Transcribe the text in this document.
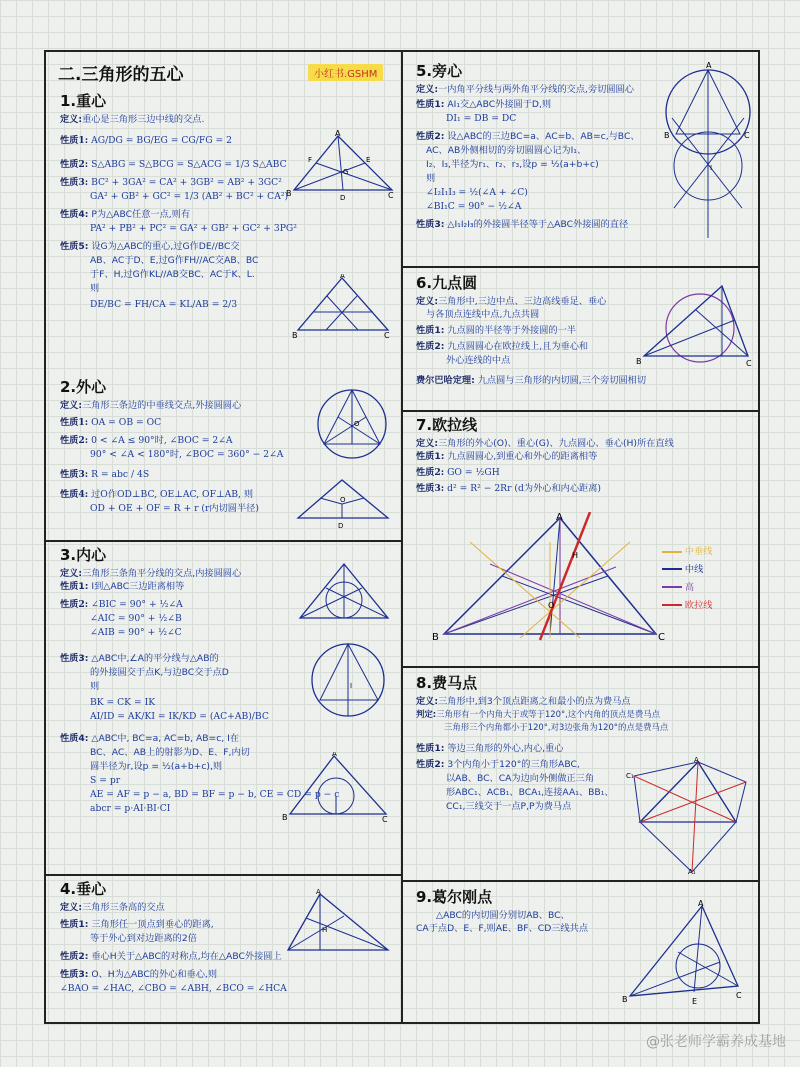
二.三角形的五心	小红书.GSHM
1.重心
定义:重心是三角形三边中线的交点.
性质1: AG/DG = BG/EG = CG/FG = 2
性质2: S△ABG = S△BCG = S△ACG = 1/3 S△ABC
性质3: BC² + 3GA² = CA² + 3GB² = AB² + 3GC²
GA² + GB² + GC² = 1/3 (AB² + BC² + CA²)
性质4: P为△ABC任意一点,则有
PA² + PB² + PC² = GA² + GB² + GC² + 3PG²
性质5: 设G为△ABC的重心,过G作DE//BC交
AB、AC于D、E,过G作FH//AC交AB、BC
于F、H,过G作KL//AB交BC、AC于K、L.
则
DE/BC = FH/CA = KL/AB = 2/3
A
B	C
D
F	E
G
B	C
A
2.外心
定义:三角形三条边的中垂线交点,外接圆圆心
性质1: OA = OB = OC
性质2: 0 < ∠A ≤ 90°时, ∠BOC = 2∠A
90° < ∠A < 180°时, ∠BOC = 360° − 2∠A
性质3: R = abc / 4S
性质4: 过O作OD⊥BC, OE⊥AC, OF⊥AB, 则
OD + OE + OF = R + r (r内切圆半径)
O
D
O
3.内心
定义:三角形三条角平分线的交点,内接圆圆心
性质1: I到△ABC三边距离相等
性质2: ∠BIC = 90° + ½∠A
∠AIC = 90° + ½∠B
∠AIB = 90° + ½∠C
性质3: △ABC中,∠A的平分线与△AB的
的外接圆交于点K,与边BC交于点D
则
BK = CK = IK
AI/ID = AK/KI = IK/KD = (AC+AB)/BC
性质4: △ABC中, BC=a, AC=b, AB=c, I在
BC、AC、AB上的射影为D、E、F,内切
圆半径为r,设p = ½(a+b+c),则
S = pr
AE = AF = p − a, BD = BF = p − b, CE = CD = p − c
abcr = p·AI·BI·CI
I
B	C
A
4.垂心
定义:三角形三条高的交点
性质1: 三角形任一顶点到垂心的距离,
等于外心到对边距离的2倍
性质2: 垂心H关于△ABC的对称点,均在△ABC外接圆上
性质3: O、H为△ABC的外心和垂心,则
∠BAO = ∠HAC, ∠CBO = ∠ABH, ∠BCO = ∠HCA
H
A
5.旁心
定义:一内角平分线与两外角平分线的交点,旁切圆圆心
性质1: AI₁交△ABC外接圆于D,则
DI₁ = DB = DC
性质2: 设△ABC的三边BC=a、AC=b、AB=c,与BC、
AC、AB外侧相切的旁切圆圆心记为I₁、
I₂、I₃,半径为r₁、r₂、r₃,设p = ½(a+b+c)
则
∠I₂I₁I₃ = ½(∠A + ∠C)
∠BI₁C = 90° − ½∠A
性质3: △I₁I₂I₃的外接圆半径等于△ABC外接圆的直径
A
B	C
I
6.九点圆
定义:三角形中,三边中点、三边高线垂足、垂心
与各顶点连线中点,九点共圆
性质1: 九点圆的半径等于外接圆的一半
性质2: 九点圆圆心在欧拉线上,且为垂心和
外心连线的中点
费尔巴哈定理: 九点圆与三角形的内切圆,三个旁切圆相切
B	C
7.欧拉线
定义:三角形的外心(O)、重心(G)、九点圆心、垂心(H)所在直线
性质1: 九点圆圆心,到重心和外心的距离相等
性质2: GO = ½GH
性质3: d² = R² − 2Rr (d为外心和内心距离)
A
B	C
H
O
中垂线
中线
高
欧拉线
8.费马点
定义:三角形中,到3个顶点距离之和最小的点为费马点
判定:三角形有一个内角大于或等于120°,这个内角的顶点是费马点
三角形三个内角都小于120°,对3边张角为120°的点是费马点
性质1: 等边三角形的外心,内心,重心
性质2: 3个内角小于120°的三角形ABC,
以AB、BC、CA为边向外侧做正三角
形ABC₁、ACB₁、BCA₁,连接AA₁、BB₁、
CC₁,三线交于一点P,P为费马点
A
C₁
A₁
9.葛尔刚点
△ABC的内切圆分别切AB、BC、
CA于点D、E、F,则AE、BF、CD三线共点
A
B	C
E
@张老师学霸养成基地
